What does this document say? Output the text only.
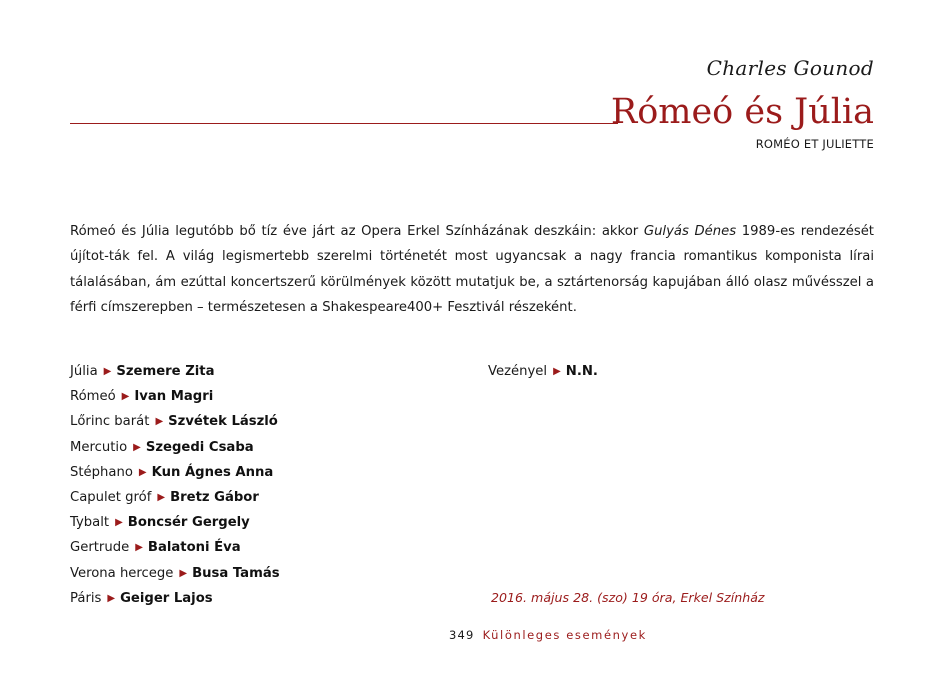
Charles Gounod
Rómeó és Júlia
ROMÉO ET JULIETTE

Rómeó és Júlia legutóbb bő tíz éve járt az Opera Erkel Színházának deszkáin: akkor Gulyás Dénes 1989-es rendezését újítot-ták fel. A világ legismertebb szerelmi történetét most ugyancsak a nagy francia romantikus komponista lírai tálalásában, ám ezúttal koncertszerű körülmények között mutatjuk be, a sztártenorság kapujában álló olasz művésszel a férfi címszerepben – természetesen a Shakespeare400+ Fesztivál részeként.

Júlia ▶ Szemere Zita
Rómeó ▶ Ivan Magri
Lőrinc barát ▶ Szvétek László
Mercutio ▶ Szegedi Csaba
Stéphano ▶ Kun Ágnes Anna
Capulet gróf ▶ Bretz Gábor
Tybalt ▶ Boncsér Gergely
Gertrude ▶ Balatoni Éva
Verona hercege ▶ Busa Tamás
Páris ▶ Geiger Lajos
Vezényel ▶ N.N.
2016. május 28. (szo) 19 óra, Erkel Színház
349 Különleges események
